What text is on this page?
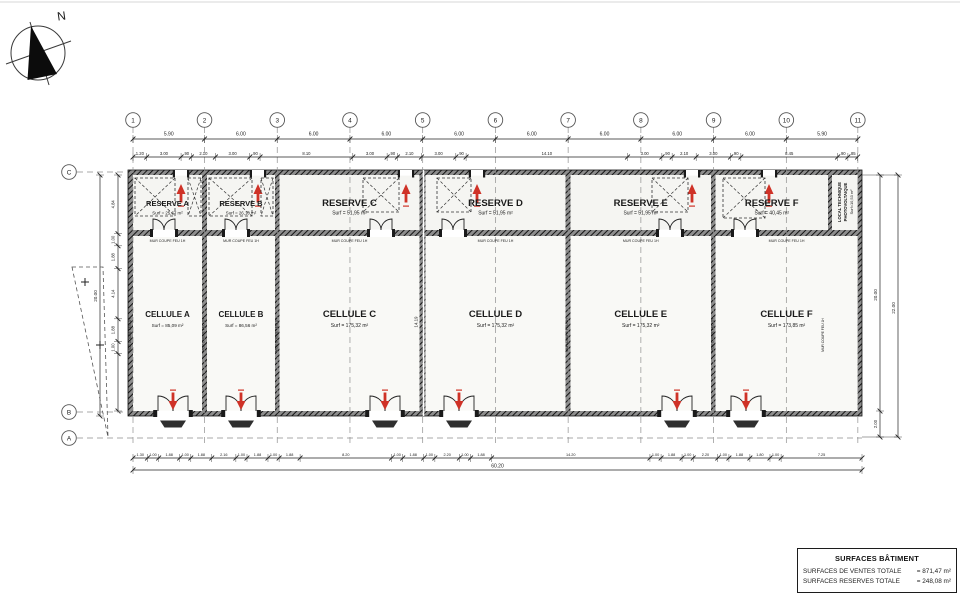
N
RESERVE A
Surf = 25,67 m²
RESERVE B
Surf = 26,10 m²
RESERVE C
Surf = 51,95 m²
RESERVE D
Surf = 51,95 m²
RESERVE E
Surf = 51,95 m²
RESERVE F
Surf = 40,45 m²
CELLULE A
Surf = 85,09 m²
CELLULE B
Surf = 86,56 m²
CELLULE C
Surf = 175,32 m²
CELLULE D
Surf = 175,32 m²
CELLULE E
Surf = 175,32 m²
CELLULE F
Surf = 173,85 m²
LOCAL TECHNIQUE PHOTOVOLTAIQUE Surf=10,53 m²
MUR COUPE FEU 1H	MUR COUPE FEU 1H	MUR COUPE FEU 1H	MUR COUPE FEU 1H	MUR COUPE FEU 1H	MUR COUPE FEU 1H
MUR COUPE FEU 1H	MUR COUPE FEU 1H	MUR COUPE FEU 1H	MUR COUPE FEU 1H	MUR COUPE FEU 1H	MUR COUPE FEU 1H
14.19
5.90	6.00	6.00	6.00	6.00	6.00	6.00	6.00	6.00	5.90
1.20	3.00	.90 2.10	3.00	.90	8.10	3.00	.90 2.10	3.00	.90	14.10	3.00	.90 2.10	3.00	.90	8.45	.90 .85
1.30 1.00 1.88 1.00 1.88	2.16	1.00 1.88 1.00 1.88	8.20	1.00 1.88 1.00	2.20	1.00 1.88	14.20	1.00 1.88 1.00	2.20	1.00 1.88	1.80 1.00	7.25
60.20
20.00
4.84
1.00
1.88
4.14
1.88
1.00
20.00
2.00
22.00
1	2	3	4	5	6	7	8	9	10	11
C
B
A
SURFACES BÂTIMENT
SURFACES DE VENTES TOTALE = 871,47 m²
SURFACES RESERVES TOTALE	= 248,08 m²
